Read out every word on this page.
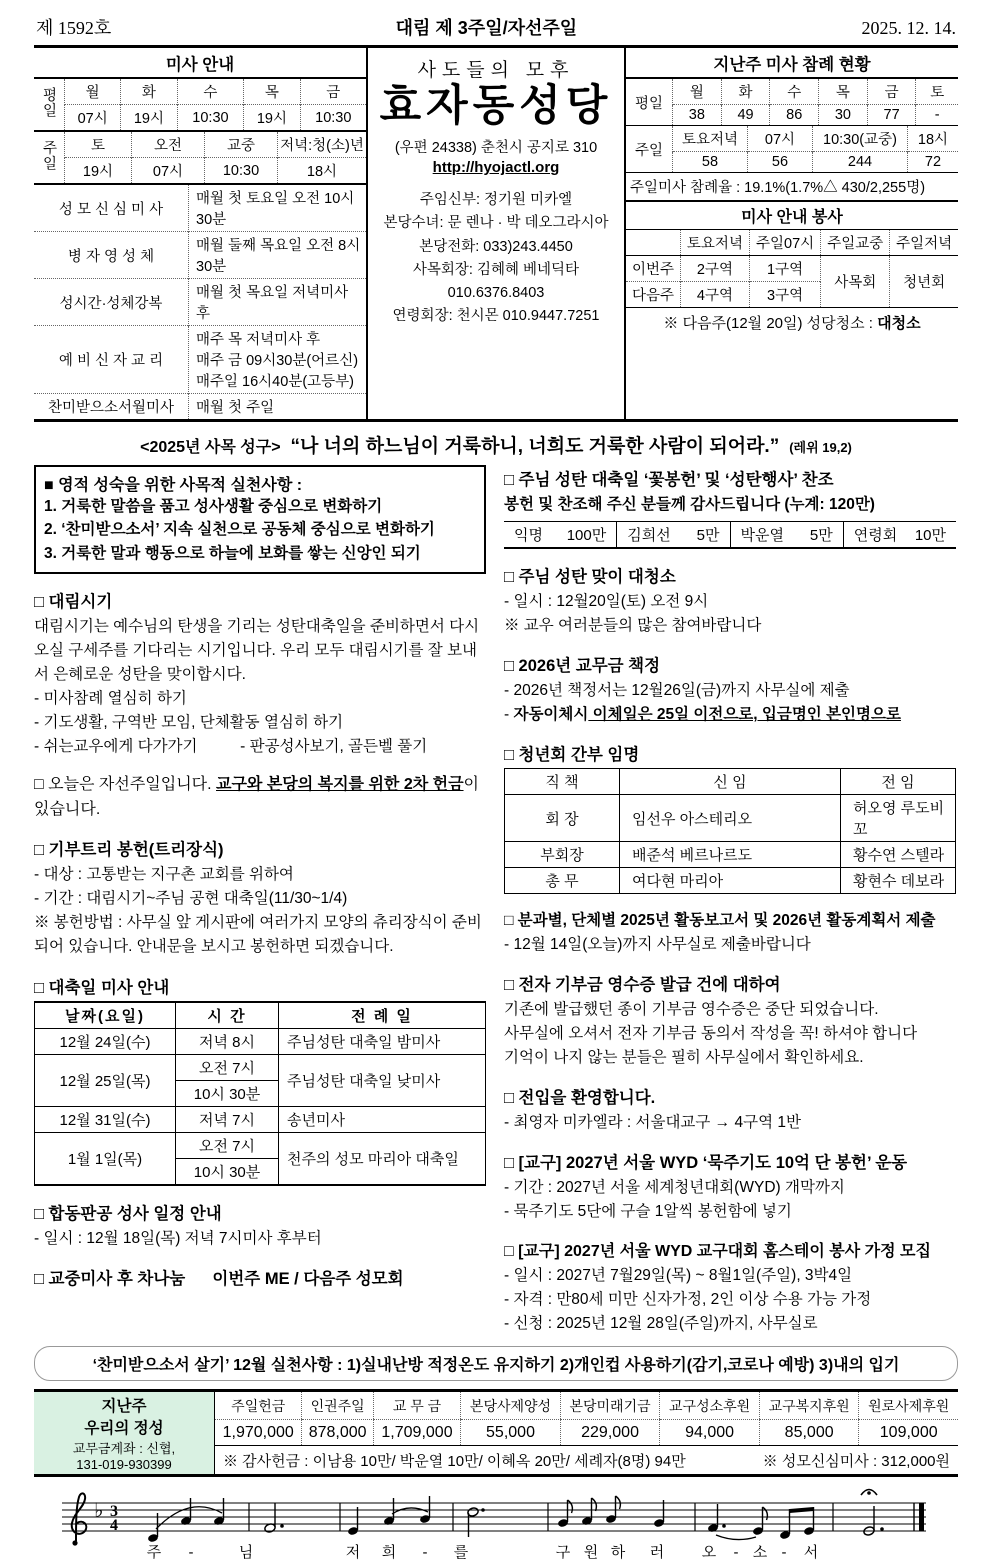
제 1592호	대림 제 3주일/자선주일	2025. 12. 14.
미사 안내
평일	월	화	수	목	금
	07시	19시	10:30	19시	10:30
주일	토	오전	교중	저녁:청(소)년
	19시	07시	10:30	18시
성 모 신 심 미 사	매월 첫 토요일 오전 10시 30분
병 자 영 성 체	매월 둘째 목요일 오전 8시 30분
성시간·성체강복	매월 첫 목요일 저녁미사 후
예 비 신 자 교 리	매주 목 저녁미사 후
매주 금 09시30분(어르신)
매주일 16시40분(고등부)

찬미받으소서월미사	매월 첫 주일
사도들의 모후
효자동성당
(우편 24338) 춘천시 공지로 310
http://hyojactl.org
주임신부: 정기원 미카엘
본당수녀: 문 렌나 · 박 데오그라시아
본당전화: 033)243.4450
사목회장: 김혜혜 베네딕타 010.6376.8403
연령회장: 천시몬 010.9447.7251
지난주 미사 참례 현황
평일	월	화	수	목	금	토
	38	49	86	30	77	-
주일	토요저녁	07시	10:30(교중)	18시
	58	56	244	72
주일미사 참례율 : 19.1%(1.7%△ 430/2,255명)
미사 안내 봉사
	토요저녁	주일07시	주일교중	주일저녁
이번주	2구역	1구역	사목회	청년회
다음주	4구역	3구역		
※ 다음주(12월 20일) 성당청소 : 대청소
<2025년 사목 성구> “나 너의 하느님이 거룩하니, 너희도 거룩한 사람이 되어라.” (레위 19,2)
■ 영적 성숙을 위한 사목적 실천사항 :
1. 거룩한 말씀을 품고 성사생활 중심으로 변화하기
2. ‘찬미받으소서’ 지속 실천으로 공동체 중심으로 변화하기
3. 거룩한 말과 행동으로 하늘에 보화를 쌓는 신앙인 되기
□ 대림시기
대림시기는 예수님의 탄생을 기리는 성탄대축일을 준비하면서 다시오실 구세주를 기다리는 시기입니다. 우리 모두 대림시기를 잘 보내서 은혜로운 성탄을 맞이합시다.
- 미사참례 열심히 하기
- 기도생활, 구역반 모임, 단체활동 열심히 하기
- 쉬는교우에게 다가가기	- 판공성사보기, 골든벨 풀기
□ 오늘은 자선주일입니다. 교구와 본당의 복지를 위한 2차 헌금이 있습니다.
□ 기부트리 봉헌(트리장식)
- 대상 : 고통받는 지구촌 교회를 위하여
- 기간 : 대림시기~주님 공현 대축일(11/30~1/4)
※ 봉헌방법 : 사무실 앞 게시판에 여러가지 모양의 츄리장식이 준비되어 있습니다. 안내문을 보시고 봉헌하면 되겠습니다.
□ 대축일 미사 안내
날짜(요일)	시 간	전 례 일
12월 24일(수)	저녁 8시	주님성탄 대축일 밤미사
12월 25일(목)	오전 7시	주님성탄 대축일 낮미사
	10시 30분	
12월 31일(수)	저녁 7시	송년미사
1월 1일(목)	오전 7시	천주의 성모 마리아 대축일
	10시 30분	
□ 합동판공 성사 일정 안내
- 일시 : 12월 18일(목) 저녁 7시미사 후부터
□ 교중미사 후 차나눔 이번주 ME / 다음주 성모회
□ 주님 성탄 대축일 ‘꽃봉헌’ 및 ‘성탄행사’ 찬조
봉헌 및 찬조해 주신 분들께 감사드립니다 (누계: 120만)
익명 100만 김희선 5만 박운열 5만 연령회 10만
□ 주님 성탄 맞이 대청소
- 일시 : 12월20일(토) 오전 9시
※ 교우 여러분들의 많은 참여바랍니다
□ 2026년 교무금 책정
- 2026년 책정서는 12월26일(금)까지 사무실에 제출
- 자동이체시 이체일은 25일 이전으로, 입금명인 본인명으로
□ 청년회 간부 임명
직 책	신 임	전 임
회 장	임선우 아스테리오	허오영 루도비꼬
부회장	배준석 베르나르도	황수연 스텔라
총 무	여다현 마리아	황현수 데보라
□ 분과별, 단체별 2025년 활동보고서 및 2026년 활동계획서 제출
- 12월 14일(오늘)까지 사무실로 제출바랍니다
□ 전자 기부금 영수증 발급 건에 대하여
기존에 발급했던 종이 기부금 영수증은 중단 되었습니다.
사무실에 오셔서 전자 기부금 동의서 작성을 꼭! 하셔야 합니다
기억이 나지 않는 분들은 필히 사무실에서 확인하세요.
□ 전입을 환영합니다.
- 최영자 미카엘라 : 서울대교구 → 4구역 1반
□ [교구] 2027년 서울 WYD ‘묵주기도 10억 단 봉헌’ 운동
- 기간 : 2027년 서울 세계청년대회(WYD) 개막까지
- 묵주기도 5단에 구슬 1알씩 봉헌함에 넣기
□ [교구] 2027년 서울 WYD 교구대회 홈스테이 봉사 가정 모집
- 일시 : 2027년 7월29일(목) ~ 8월1일(주일), 3박4일
- 자격 : 만80세 미만 신자가정, 2인 이상 수용 가능 가정
- 신청 : 2025년 12월 28일(주일)까지, 사무실로
‘찬미받으소서 살기’ 12월 실천사항 : 1)실내난방 적정온도 유지하기 2)개인컵 사용하기(감기,코로나 예방) 3)내의 입기
지난주
우리의 정성
교무금계좌 : 신협,
131-019-930399	주일헌금	인권주일	교 무 금	본당사제양성	본당미래기금	교구성소후원	교구복지후원	원로사제후원
	1,970,000	878,000	1,709,000	55,000	229,000	94,000	85,000	109,000

	※ 감사헌금 : 이남용 10만/ 박운열 10만/ 이혜옥 20만/ 세례자(8명) 94만 ※ 성모신심미사 : 312,000원							
♭ 3
4
주 -	님	저 희 - 를	구 원 하 러	오 - 소 - 서
